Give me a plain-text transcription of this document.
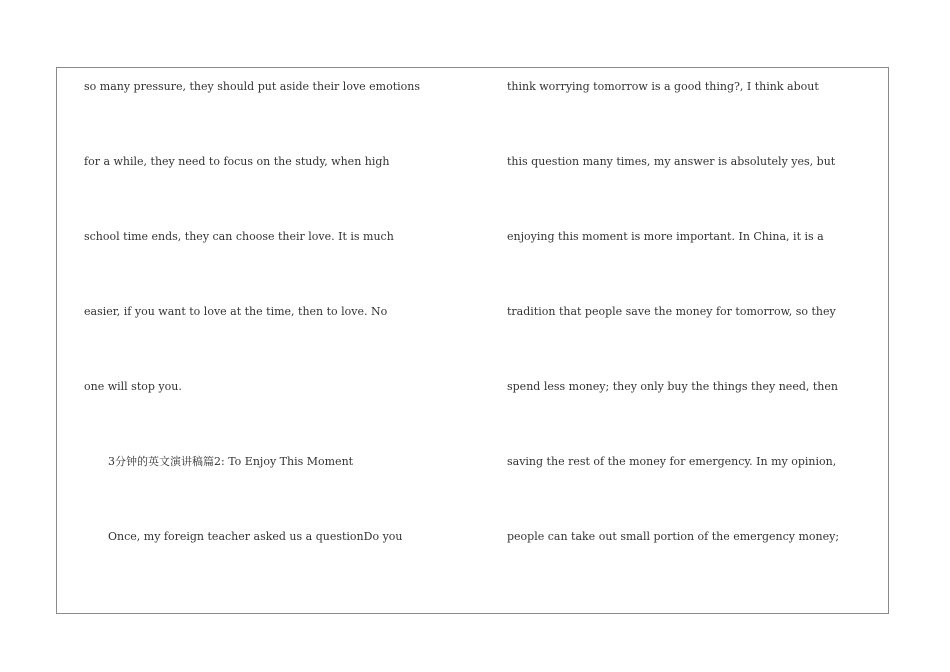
so many pressure, they should put aside their love emotions
for a while, they need to focus on the study, when high
school time ends, they can choose their love. It is much
easier, if you want to love at the time, then to love. No
one will stop you.
3分钟的英文演讲稿篇2: To Enjoy This Moment
Once, my foreign teacher asked us a questionDo you
think worrying tomorrow is a good thing?, I think about
this question many times, my answer is absolutely yes, but
enjoying this moment is more important. In China, it is a
tradition that people save the money for tomorrow, so they
spend less money; they only buy the things they need, then
saving the rest of the money for emergency. In my opinion,
people can take out small portion of the emergency money;
